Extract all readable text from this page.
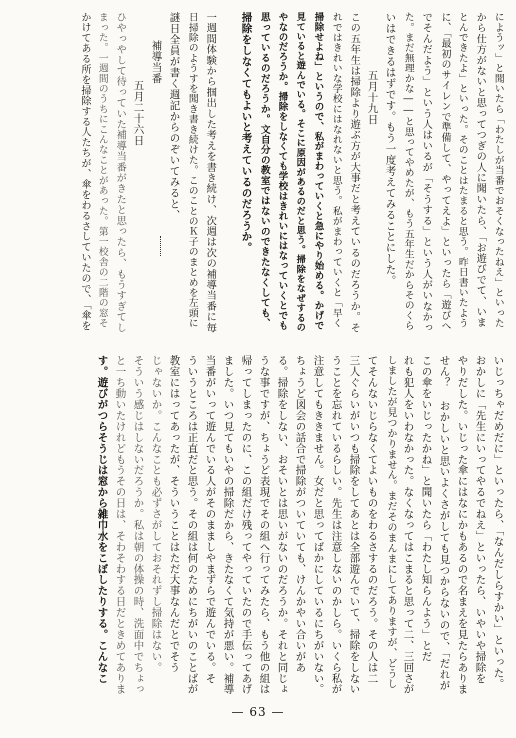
にようッ」と聞いたら「わたしが当番でおそくなったねえ」といった
から仕方がないと思ってつぎの人に聞いたら、「お遊びでて、いま
とんできたよ」といった。そのことはたまると思う。昨日書いたよう
に、「最初のサイレンで準備して、やってえよ」といったら「遊びへ
でそんだよう」という人はいるが「そうする」という人がいなかっ
た。まだ無理かな――と思ってやめたが、もう五年生だからそのくら
いはできるはずです。もう一度考えてみることにした。
五月十九日
この五年生は掃除より遊ぶ方が大事だと考えているのだろうか。そ
れではきれいな学校にはなれないと思う。私がまわっていくと「早く
掃除せよね」というので、私がまわっていくと急にやり始める。かげで
見ていると遊んでいる。そこに原因があるのだと思う。掃除をなぜするの
やなのだろうか。掃除をしなくても学校はきれいにはなっていくとでも
思っているのだろうか。文自分の教室ではないのできたなくしても、
掃除をしなくてもよいと考えているのだろうか。
一週間体験から掴出した考えを書き続け、次週は次の補導当番に毎
日掃除のようすを聞き書き続けた。このことのＫ子のまとめを左頭に
謎日全員が書く週記からのぞいてみると、
補導当番
五月二十六日
ひやっやして待っていた補導当番がきたと思ったら、もうすぎてし
まった。一週間のうちにこんなことがあった。第一校舎の二階の窓そ
かけてある所を掃除する人たちが、傘をわるさしていたので、「傘を
いじっちゃだめだに」といったら、「なんだしらすかい」といった。
おかしに「先生にいってやるでねえ」といったら、いやいや掃除を
やりだした。いじった傘にはなにかもあるので名まえを見たらありま
せん？ おかしいと思いよくさがしても見つからないので、「だれが
この傘をいじったかね」と聞いたら「わたし知らんよう」とだ
れも犯人をいわなかった。なくなってはこまると思って二、三回さが
しましたが見つかりません。まだそのまんまにしてありますが、どうし
てそんないじらなくてよいものをわるさするのだろう。その人は二
三人ぐらいがいつも掃除をしてあとは全部遊んでいて、掃除をしない
うことを忘れているらしい。先生は注意しないのかしら。いくら私が
注意してもききません。女だと思ってばかにしているにちがいない。
ちょうど図会の話合で掃除がついていても、けんかやい合いがあ
る。掃除をしない、おそいとは思いがないのだろうか。それと同じょ
うな事ですが、ちょうど表現でその組へ行ってみたら、もう他の組は
帰ってしまったのに、この組だけ残ってやっていたので手伝ってあげ
ました。いつ見てもいやの掃除だから、きたなくて気持が悪い。補導
当番がいって遊んでいる人がそのまましやまずらで遊んでいる。そ
ういうところは正直だと思う。その組は何のためにちがいのことばが
教室にはってあったが、そういうことはただ大事なんだとでそう
じゃないか。こんなことも必ずさがしておそれずし掃除はない。
そういう感じはしないだろうか。私は朝の体操の時、洗面中でちょっ
と一ち動いたけれどもうその日は、そわそわする日だときめてありま
す。遊びがつらそうじは窓から雑巾水をこぼしたりする。こんなこ
— 63 —
